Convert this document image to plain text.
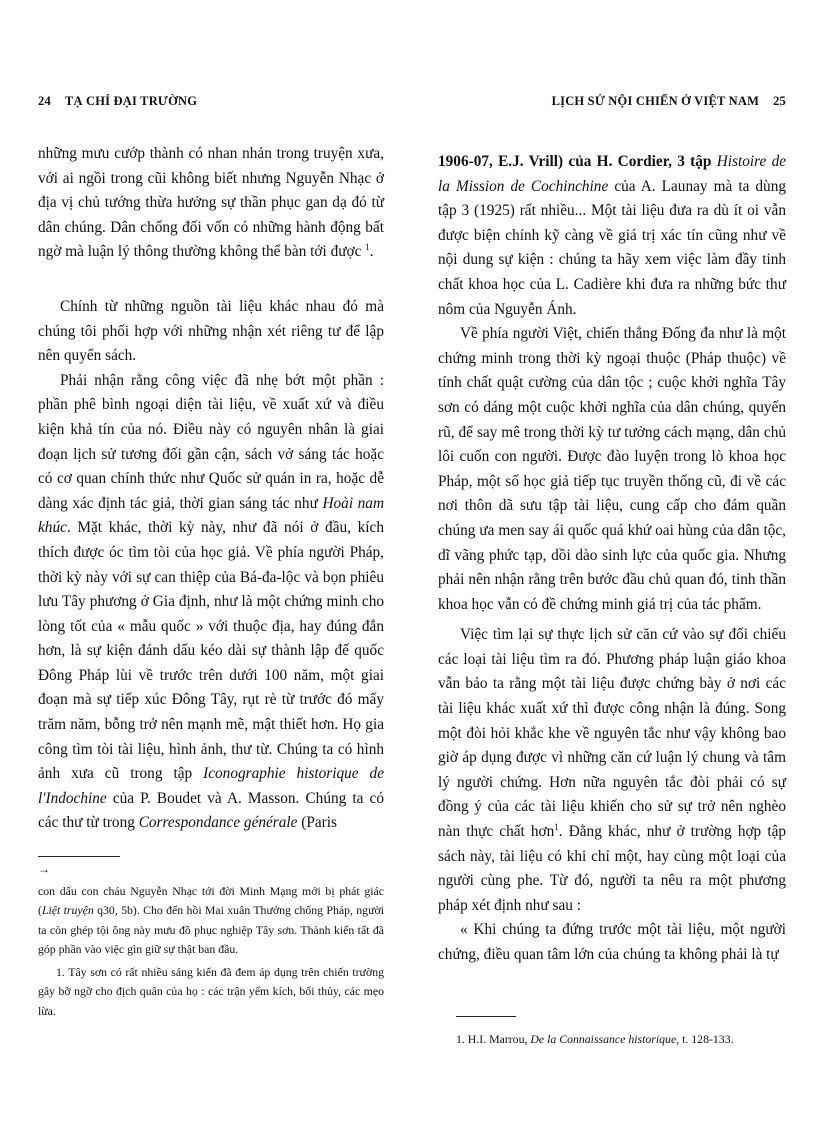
24 TẠ CHÍ ĐẠI TRƯỜNG

những mưu cướp thành có nhan nhản trong truyện xưa, với ai ngồi trong cũi không biết nhưng Nguyễn Nhạc ở địa vị chủ tướng thừa hưởng sự thần phục gan dạ đó từ dân chúng. Dân chống đối vốn có những hành động bất ngờ mà luận lý thông thường không thể bàn tới được $^1$.

Chính từ những nguồn tài liệu khác nhau đó mà chúng tôi phối hợp với những nhận xét riêng tư để lập nên quyển sách.

Phải nhận rằng công việc đã nhẹ bớt một phần : phần phê bình ngoại diện tài liệu, về xuất xứ và điều kiện khả tín của nó. Điều này có nguyên nhân là giai đoạn lịch sử tương đối gần cận, sách vở sáng tác hoặc có cơ quan chính thức như Quốc sử quán in ra, hoặc dễ dàng xác định tác giả, thời gian sáng tác như Hoài nam khúc. Mặt khác, thời kỳ này, như đã nói ở đầu, kích thích được óc tìm tòi của học giả. Về phía người Pháp, thời kỳ này với sự can thiệp của Bá-đa-lộc và bọn phiêu lưu Tây phương ở Gia định, như là một chứng minh cho lòng tốt của « mẫu quốc » với thuộc địa, hay đúng đắn hơn, là sự kiện đánh dấu kéo dài sự thành lập đế quốc Đông Pháp lùi về trước trên dưới 100 năm, một giai đoạn mà sự tiếp xúc Đông Tây, rụt rè từ trước đó mấy trăm năm, bỗng trở nên mạnh mẽ, mật thiết hơn. Họ gia công tìm tòi tài liệu, hình ảnh, thư từ. Chúng ta có hình ảnh xưa cũ trong tập Iconographie historique de l'Indochine của P. Boudet và A. Masson. Chúng ta có các thư từ trong Correspondance générale (Paris

→

con dấu con cháu Nguyễn Nhạc tới đời Minh Mạng mới bị phát giác (Liệt truyện q30, 5b). Cho đến hồi Mai xuân Thưởng chống Pháp, người ta còn ghép tội ông này mưu đồ phục nghiệp Tây sơn. Thành kiến tất đã góp phần vào việc gìn giữ sự thật ban đầu.

1. Tây sơn có rất nhiều sáng kiến đã đem áp dụng trên chiến trường gây bỡ ngỡ cho địch quân của họ : các trận yểm kích, bối thủy, các mẹo lừa.

LỊCH SỬ NỘI CHIẾN Ở VIỆT NAM 25

1906-07, E.J. Vrill) của H. Cordier, 3 tập Histoire de la Mission de Cochinchine của A. Launay mà ta dùng tập 3 (1925) rất nhiều... Một tài liệu đưa ra dù ít oi vẫn được biện chính kỹ càng về giá trị xác tín cũng như về nội dung sự kiện : chúng ta hãy xem việc làm đầy tinh chất khoa học của L. Cadière khi đưa ra những bức thư nôm của Nguyễn Ánh.

Về phía người Việt, chiến thắng Đống đa như là một chứng minh trong thời kỳ ngoại thuộc (Pháp thuộc) về tính chất quật cường của dân tộc ; cuộc khởi nghĩa Tây sơn có dáng một cuộc khởi nghĩa của dân chúng, quyến rũ, để say mê trong thời kỳ tư tưởng cách mạng, dân chủ lôi cuốn con người. Được đào luyện trong lò khoa học Pháp, một số học giả tiếp tục truyền thống cũ, đi về các nơi thôn dã sưu tập tài liệu, cung cấp cho đám quần chúng ưa men say ái quốc quá khứ oai hùng của dân tộc, dĩ vãng phức tạp, dồi dào sinh lực của quốc gia. Nhưng phải nên nhận rằng trên bước đầu chủ quan đó, tinh thần khoa học vẫn có đề chứng minh giá trị của tác phẩm.

Việc tìm lại sự thực lịch sử căn cứ vào sự đối chiếu các loại tài liệu tìm ra đó. Phương pháp luận giáo khoa vẫn bảo ta rằng một tài liệu được chứng bày ở nơi các tài liệu khác xuất xứ thì được công nhận là đúng. Song một đòi hỏi khắc khe về nguyên tắc như vậy không bao giờ áp dụng được vì những căn cứ luận lý chung và tâm lý người chứng. Hơn nữa nguyên tắc đòi phải có sự đồng ý của các tài liệu khiến cho sử sự trở nên nghèo nàn thực chất hơn$^1$. Đằng khác, như ở trường hợp tập sách này, tài liệu có khi chỉ một, hay cùng một loại của người cùng phe. Từ đó, người ta nêu ra một phương pháp xét định như sau :

« Khi chúng ta đứng trước một tài liệu, một người chứng, điều quan tâm lớn của chúng ta không phải là tự

1. H.I. Marrou, De la Connaissance historique, t. 128-133.
